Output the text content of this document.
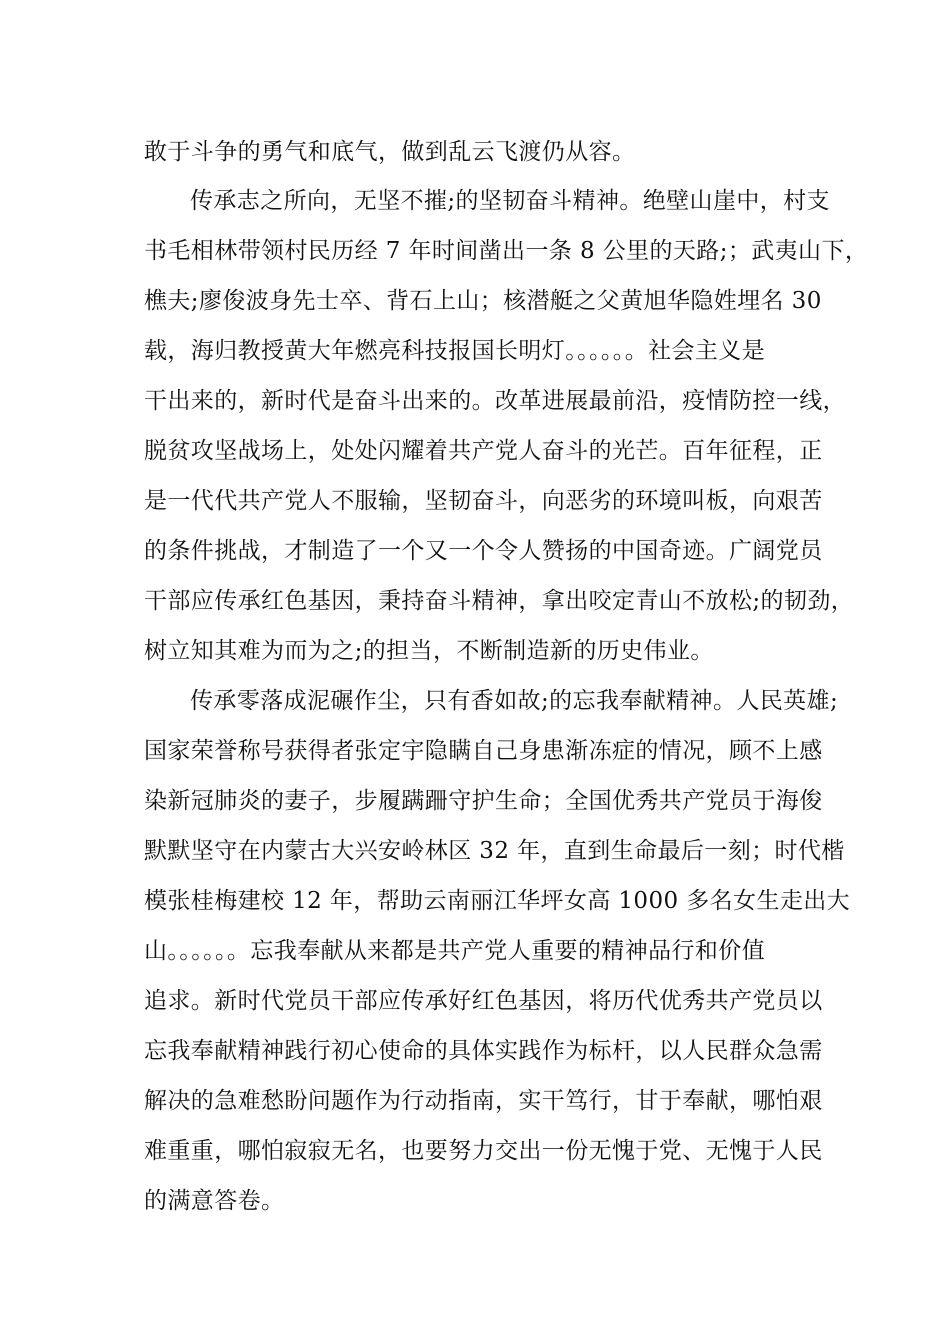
敢于斗争的勇气和底气，做到乱云飞渡仍从容。
传承志之所向，无坚不摧;的坚韧奋斗精神。绝壁山崖中，村支
书毛相林带领村民历经 7 年时间凿出一条 8 公里的天路;；武夷山下，
樵夫;廖俊波身先士卒、背石上山；核潜艇之父黄旭华隐姓埋名 30
载，海归教授黄大年燃亮科技报国长明灯。。。。。。社会主义是
干出来的，新时代是奋斗出来的。改革进展最前沿，疫情防控一线，
脱贫攻坚战场上，处处闪耀着共产党人奋斗的光芒。百年征程，正
是一代代共产党人不服输，坚韧奋斗，向恶劣的环境叫板，向艰苦
的条件挑战，才制造了一个又一个令人赞扬的中国奇迹。广阔党员
干部应传承红色基因，秉持奋斗精神，拿出咬定青山不放松;的韧劲，
树立知其难为而为之;的担当，不断制造新的历史伟业。
传承零落成泥碾作尘，只有香如故;的忘我奉献精神。人民英雄;
国家荣誉称号获得者张定宇隐瞒自己身患渐冻症的情况，顾不上感
染新冠肺炎的妻子，步履蹒跚守护生命；全国优秀共产党员于海俊
默默坚守在内蒙古大兴安岭林区 32 年，直到生命最后一刻；时代楷
模张桂梅建校 12 年，帮助云南丽江华坪女高 1000 多名女生走出大
山。。。。。。忘我奉献从来都是共产党人重要的精神品行和价值
追求。新时代党员干部应传承好红色基因，将历代优秀共产党员以
忘我奉献精神践行初心使命的具体实践作为标杆，以人民群众急需
解决的急难愁盼问题作为行动指南，实干笃行，甘于奉献，哪怕艰
难重重，哪怕寂寂无名，也要努力交出一份无愧于党、无愧于人民
的满意答卷。
